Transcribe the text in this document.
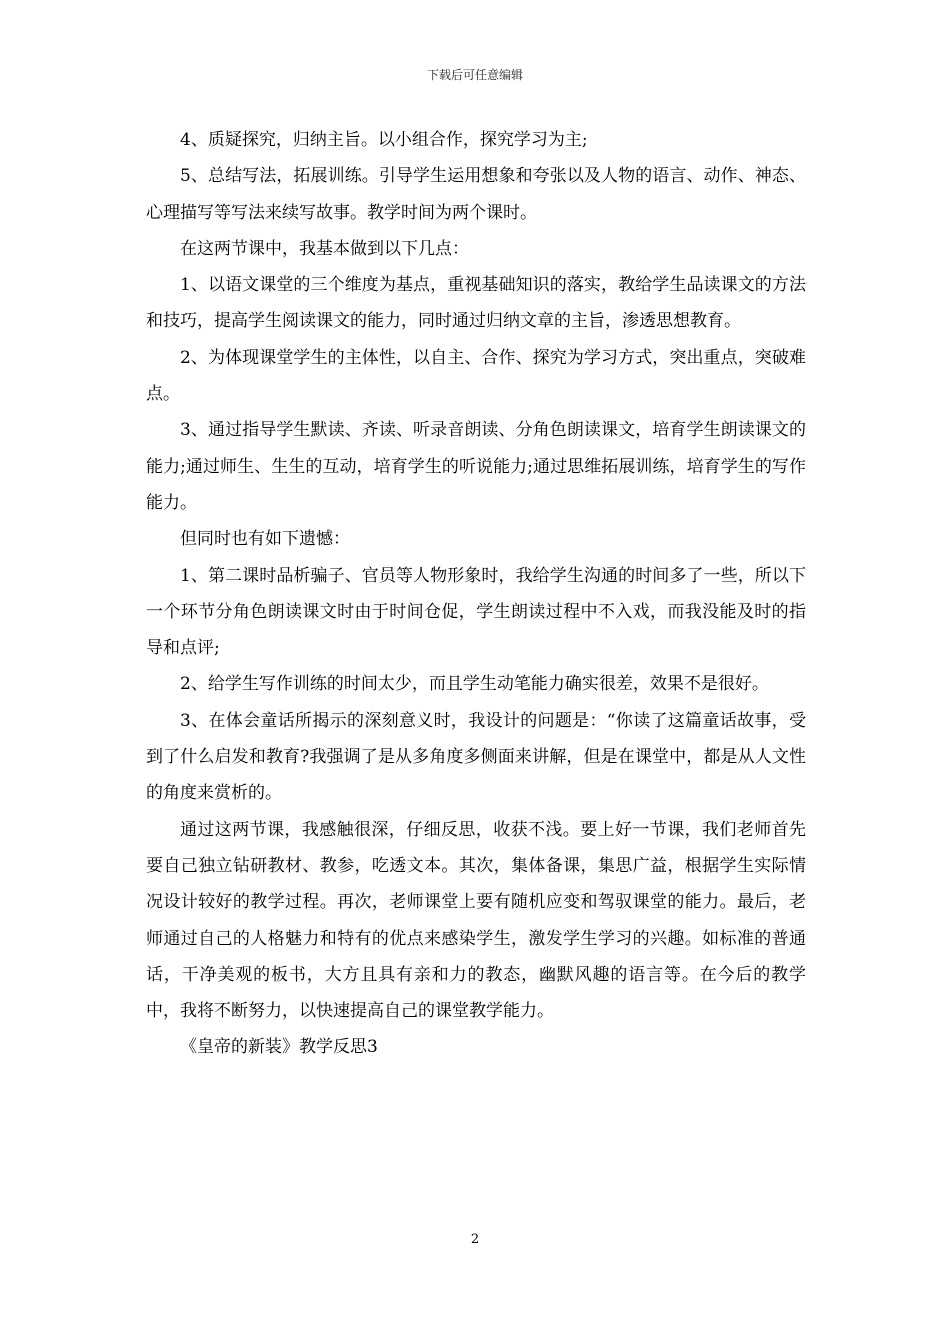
下载后可任意编辑

4、质疑探究，归纳主旨。以小组合作，探究学习为主;

5、总结写法，拓展训练。引导学生运用想象和夸张以及人物的语言、动作、神态、心理描写等写法来续写故事。教学时间为两个课时。

在这两节课中，我基本做到以下几点：

1、以语文课堂的三个维度为基点，重视基础知识的落实，教给学生品读课文的方法和技巧，提高学生阅读课文的能力，同时通过归纳文章的主旨，渗透思想教育。

2、为体现课堂学生的主体性，以自主、合作、探究为学习方式，突出重点，突破难点。

3、通过指导学生默读、齐读、听录音朗读、分角色朗读课文，培育学生朗读课文的能力;通过师生、生生的互动，培育学生的听说能力;通过思维拓展训练，培育学生的写作能力。

但同时也有如下遗憾：

1、第二课时品析骗子、官员等人物形象时，我给学生沟通的时间多了一些，所以下一个环节分角色朗读课文时由于时间仓促，学生朗读过程中不入戏，而我没能及时的指导和点评;

2、给学生写作训练的时间太少，而且学生动笔能力确实很差，效果不是很好。

3、在体会童话所揭示的深刻意义时，我设计的问题是：“你读了这篇童话故事，受到了什么启发和教育?我强调了是从多角度多侧面来讲解，但是在课堂中，都是从人文性的角度来赏析的。

通过这两节课，我感触很深，仔细反思，收获不浅。要上好一节课，我们老师首先要自己独立钻研教材、教参，吃透文本。其次，集体备课，集思广益，根据学生实际情况设计较好的教学过程。再次，老师课堂上要有随机应变和驾驭课堂的能力。最后，老师通过自己的人格魅力和特有的优点来感染学生，激发学生学习的兴趣。如标准的普通话，干净美观的板书，大方且具有亲和力的教态，幽默风趣的语言等。在今后的教学中，我将不断努力，以快速提高自己的课堂教学能力。

《皇帝的新装》教学反思3

2
